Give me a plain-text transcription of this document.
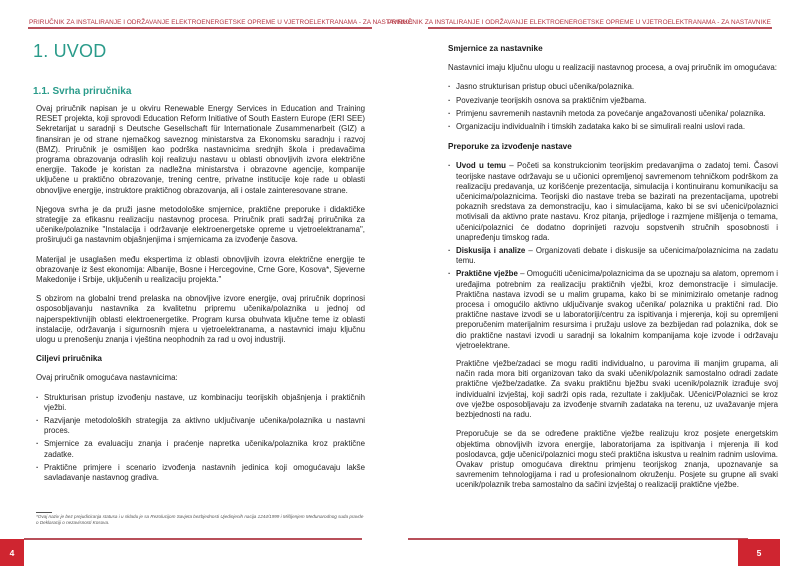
PRIRUČNIK ZA INSTALIRANJE I ODRŽAVANJE ELEKTROENERGETSKE OPREME U VJETROELEKTRANAMA - ZA NASTAVNIKE
1. UVOD
1.1. Svrha priručnika

Ovaj priručnik napisan je u okviru Renewable Energy Services in Education and Training RESET projekta, koji sprovodi Education Reform Initiative of South Eastern Europe (ERI SEE) Sekretarijat u saradnji s Deutsche Gesellschaft für Internationale Zusammenarbeit (GIZ) a finansiran je od strane njemačkog saveznog ministarstva za Ekonomsku saradnju i razvoj (BMZ). Priručnik je osmišljen kao podrška nastavnicima srednjih škola i predavačima programa obrazovanja odraslih koji realizuju nastavu u oblasti obnovljivih izvora električne energije. Takođe je koristan za nadležna ministarstva i obrazovne agencije, kompanije uključene u praktično obrazovanje, trening centre, privatne institucije koje rade u oblasti obnovljive energije, instruktore praktičnog obrazovanja, ali i ostale zainteresovane strane.

Njegova svrha je da pruži jasne metodološke smjernice, praktične preporuke i didaktičke strategije za efikasnu realizaciju nastavnog procesa. Priručnik prati sadržaj priručnika za učenike/polaznike "Instalacija i održavanje elektroenergetske opreme u vjetroelektranama", proširujući ga nastavnim objašnjenjima i smjernicama za izvođenje časova.

Materijal je usaglašen među ekspertima iz oblasti obnovljivih izovra električne energije te obrazovanje iz šest ekonomija: Albanije, Bosne i Hercegovine, Crne Gore, Kosova*, Sjeverne Makedonije i Srbije, uključenih u realizaciju projekta."

S obzirom na globalni trend prelaska na obnovljive izvore energije, ovaj priručnik doprinosi osposobljavanju nastavnika za kvalitetnu pripremu učenika/polaznika u jednoj od najperspektivnijih oblasti elektroenergetike. Program kursa obuhvata ključne teme iz oblasti instalacije, održavanja i sigurnosnih mjera u vjetroelektranama, a nastavnici imaju ključnu ulogu u prenošenju znanja i vještina neophodnih za rad u ovoj industriji.

Ciljevi priručnika

Ovaj priručnik omogućava nastavnicima:

· Strukturisan pristup izvođenju nastave, uz kombinaciju teorijskih objašnjenja i praktičnih vježbi.
· Razvijanje metodoloških strategija za aktivno uključivanje učenika/polaznika u nastavni proces.
· Smjernice za evaluaciju znanja i praćenje napretka učenika/polaznika kroz praktične zadatke.
· Praktične primjere i scenario izvođenja nastavnih jedinica koji omogućavaju lakše savladavanje nastavnog gradiva.
*Ovaj naziv je bez prejudiciranja statusa i u skladu je sa Rezolucijom Savjeta bezbjednosti Ujedinjenih nacija 1244/1999 i Mišljenjem Međunarodnog suda pravde o Deklaraciji o nezavisnosti Kosova.
4
PRIRUČNIK ZA INSTALIRANJE I ODRŽAVANJE ELEKTROENERGETSKE OPREME U VJETROELEKTRANAMA - ZA NASTAVNIKE
Smjernice za nastavnike

Nastavnici imaju ključnu ulogu u realizaciji nastavnog procesa, a ovaj priručnik im omogućava:

· Jasno strukturisan pristup obuci učenika/polaznika.
· Povezivanje teorijskih osnova sa praktičnim vježbama.
· Primjenu savremenih nastavnih metoda za povećanje angažovanosti učenika/ polaznika.
· Organizaciju individualnih i timskih zadataka kako bi se simulirali realni uslovi rada.
Preporuke za izvođenje nastave
· Uvod u temu – Početi sa konstrukcionim teorijskim predavanjima o zadatoj temi. Časovi teorijske nastave održavaju se u učionici opremljenoj savremenom tehničkom podrškom za realizaciju predavanja, uz korišćenje prezentacija, simulacija i kontinuiranu komunikaciju sa učenicima/polaznicima. Teorijski dio nastave treba se bazirati na prezentacijama, upotrebi pokaznih sredstava za demonstraciju, kao i simulacijama, kako bi se svi učenici/polaznici motivisali da aktivno prate nastavu. Kroz pitanja, prijedloge i razmjene mišljenja o temama, učenici/polaznici će dodatno doprinijeti razvoju sopstvenih stručnih sposobnosti i unapređenju timskog rada.
· Diskusija i analize – Organizovati debate i diskusije sa učenicima/polaznicima na zadatu temu.
· Praktične vježbe – Omogućiti učenicima/polaznicima da se upoznaju sa alatom, opremom i uređajima potrebnim za realizaciju praktičnih vježbi, kroz demonstracije i simulacije. Praktična nastava izvodi se u malim grupama, kako bi se minimiziralo ometanje radnog procesa i omogućilo aktivno uključivanje svakog učenika/ polaznika u praktični rad. Dio praktične nastave izvodi se u laboratoriji/centru za ispitivanja i mjerenja, koji su opremljeni preporučenim materijalnim resursima i pružaju uslove za bezbijedan rad polaznika, dok se dio praktične nastavi izvodi u saradnji sa lokalnim kompanijama koje izvode i održavaju vjetroelektrane.

Praktične vježbe/zadaci se mogu raditi individualno, u parovima ili manjim grupama, ali način rada mora biti organizovan tako da svaki učenik/polaznik samostalno odradi zadate praktične vježbe/zadatke. Za svaku praktičnu bježbu svaki ucenik/polaznik izrađuje svoj individualni izvještaj, koji sadrži opis rada, rezultate i zaključak. Učenici/Polaznici se kroz ove vježbe osposobljavaju za izvođenje stvarnih zadataka na terenu, uz uvažavanje mjera bezbjednosti na radu.

Preporučuje se da se određene praktične vježbe realizuju kroz posjete energetskim objektima obnovljivih izvora energije, laboratorijama za ispitivanja i mjerenja ili kod poslodavca, gdje učenici/polaznici mogu steći praktična iskustva u realnim radnim uslovima. Ovakav pristup omogućava direktnu primjenu teorijskog znanja, upoznavanje sa savremenim tehnologijama i rad u profesionalnom okruženju. Posjete su grupne ali svaki ucenik/polaznik treba samostalno da sačini izvještaj o realizaciji praktične vježbe.

5
